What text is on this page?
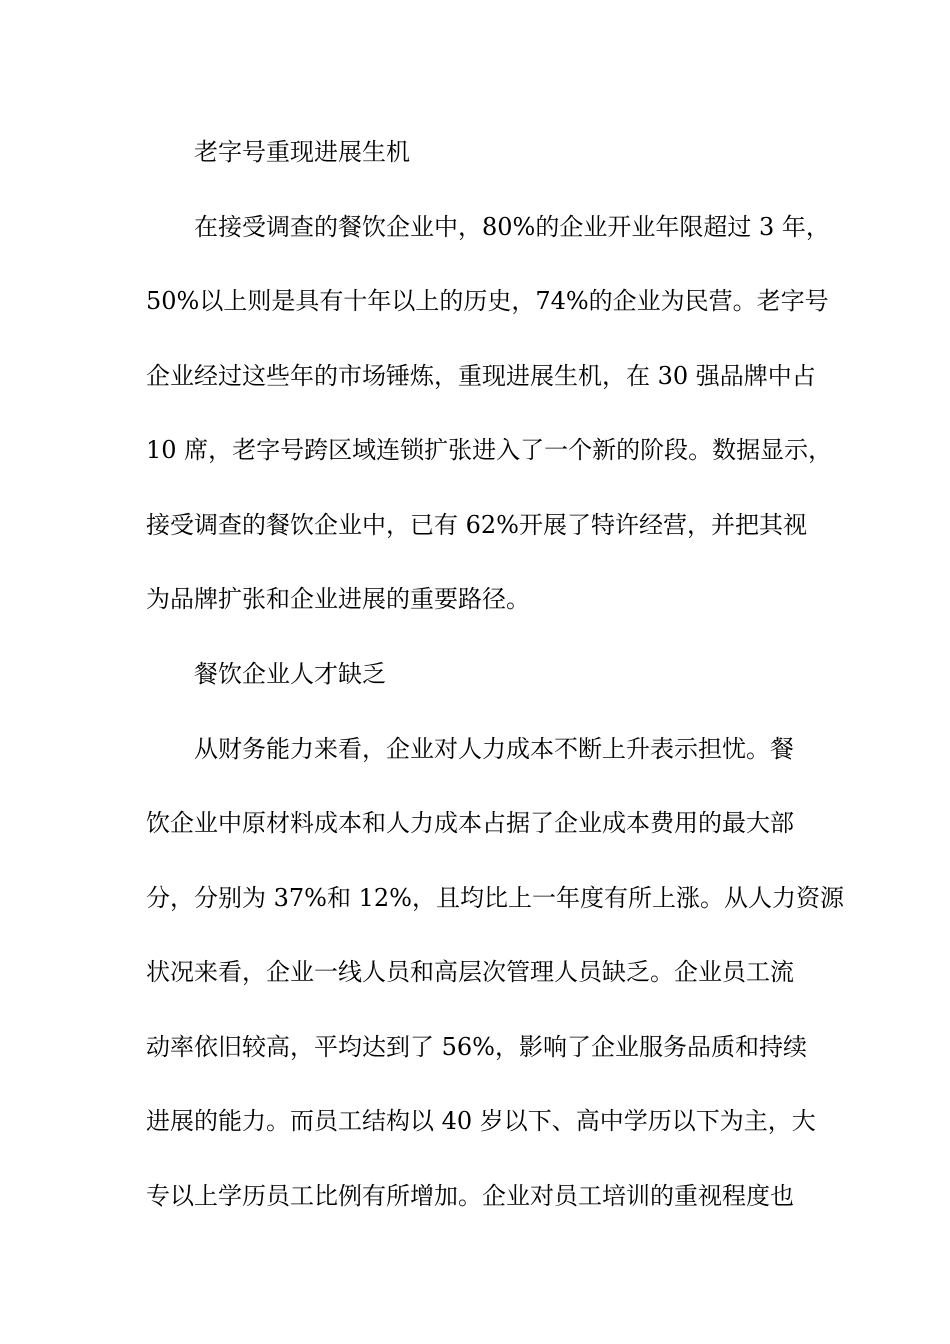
老字号重现进展生机
在接受调查的餐饮企业中，80%的企业开业年限超过 3 年，
50%以上则是具有十年以上的历史，74%的企业为民营。老字号
企业经过这些年的市场锤炼，重现进展生机，在 30 强品牌中占
10 席，老字号跨区域连锁扩张进入了一个新的阶段。数据显示，
接受调查的餐饮企业中，已有 62%开展了特许经营，并把其视
为品牌扩张和企业进展的重要路径。
餐饮企业人才缺乏
从财务能力来看，企业对人力成本不断上升表示担忧。餐
饮企业中原材料成本和人力成本占据了企业成本费用的最大部
分，分别为 37%和 12%，且均比上一年度有所上涨。从人力资源
状况来看，企业一线人员和高层次管理人员缺乏。企业员工流
动率依旧较高，平均达到了 56%，影响了企业服务品质和持续
进展的能力。而员工结构以 40 岁以下、高中学历以下为主，大
专以上学历员工比例有所增加。企业对员工培训的重视程度也
